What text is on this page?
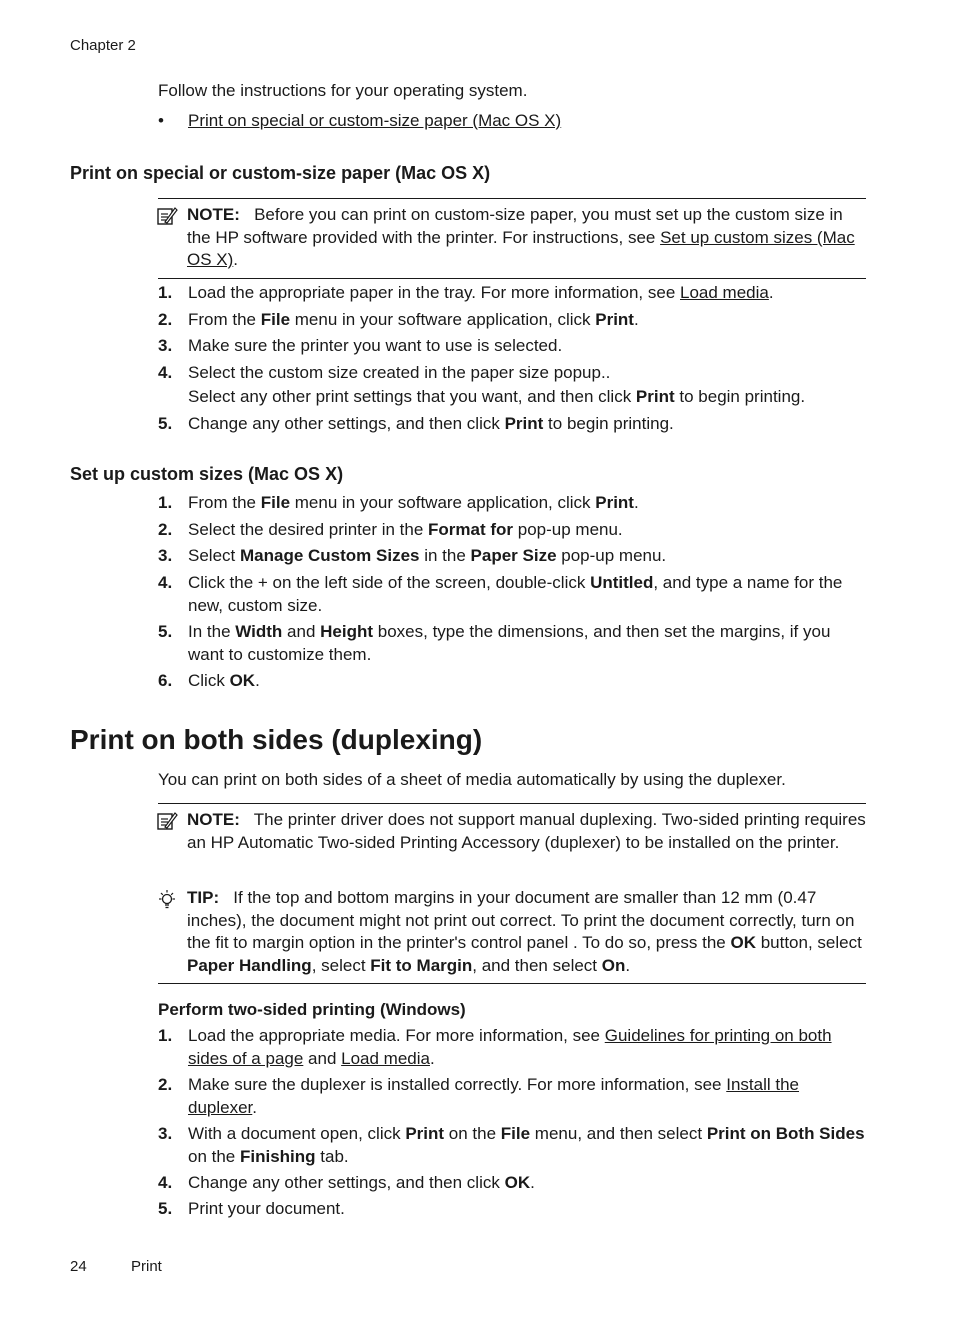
Chapter 2
Follow the instructions for your operating system.
• Print on special or custom-size paper (Mac OS X)
Print on special or custom-size paper (Mac OS X)
NOTE: Before you can print on custom-size paper, you must set up the custom size in the HP software provided with the printer. For instructions, see Set up custom sizes (Mac OS X).
1. Load the appropriate paper in the tray. For more information, see Load media.
2. From the File menu in your software application, click Print.
3. Make sure the printer you want to use is selected.
4. Select the custom size created in the paper size popup..
Select any other print settings that you want, and then click Print to begin printing.
5. Change any other settings, and then click Print to begin printing.
Set up custom sizes (Mac OS X)
1. From the File menu in your software application, click Print.
2. Select the desired printer in the Format for pop-up menu.
3. Select Manage Custom Sizes in the Paper Size pop-up menu.
4. Click the + on the left side of the screen, double-click Untitled, and type a name for the new, custom size.
5. In the Width and Height boxes, type the dimensions, and then set the margins, if you want to customize them.
6. Click OK.
Print on both sides (duplexing)
You can print on both sides of a sheet of media automatically by using the duplexer.
NOTE: The printer driver does not support manual duplexing. Two-sided printing requires an HP Automatic Two-sided Printing Accessory (duplexer) to be installed on the printer.
TIP: If the top and bottom margins in your document are smaller than 12 mm (0.47 inches), the document might not print out correct. To print the document correctly, turn on the fit to margin option in the printer's control panel . To do so, press the OK button, select Paper Handling, select Fit to Margin, and then select On.
Perform two-sided printing (Windows)
1. Load the appropriate media. For more information, see Guidelines for printing on both sides of a page and Load media.
2. Make sure the duplexer is installed correctly. For more information, see Install the duplexer.
3. With a document open, click Print on the File menu, and then select Print on Both Sides on the Finishing tab.
4. Change any other settings, and then click OK.
5. Print your document.
24	Print
